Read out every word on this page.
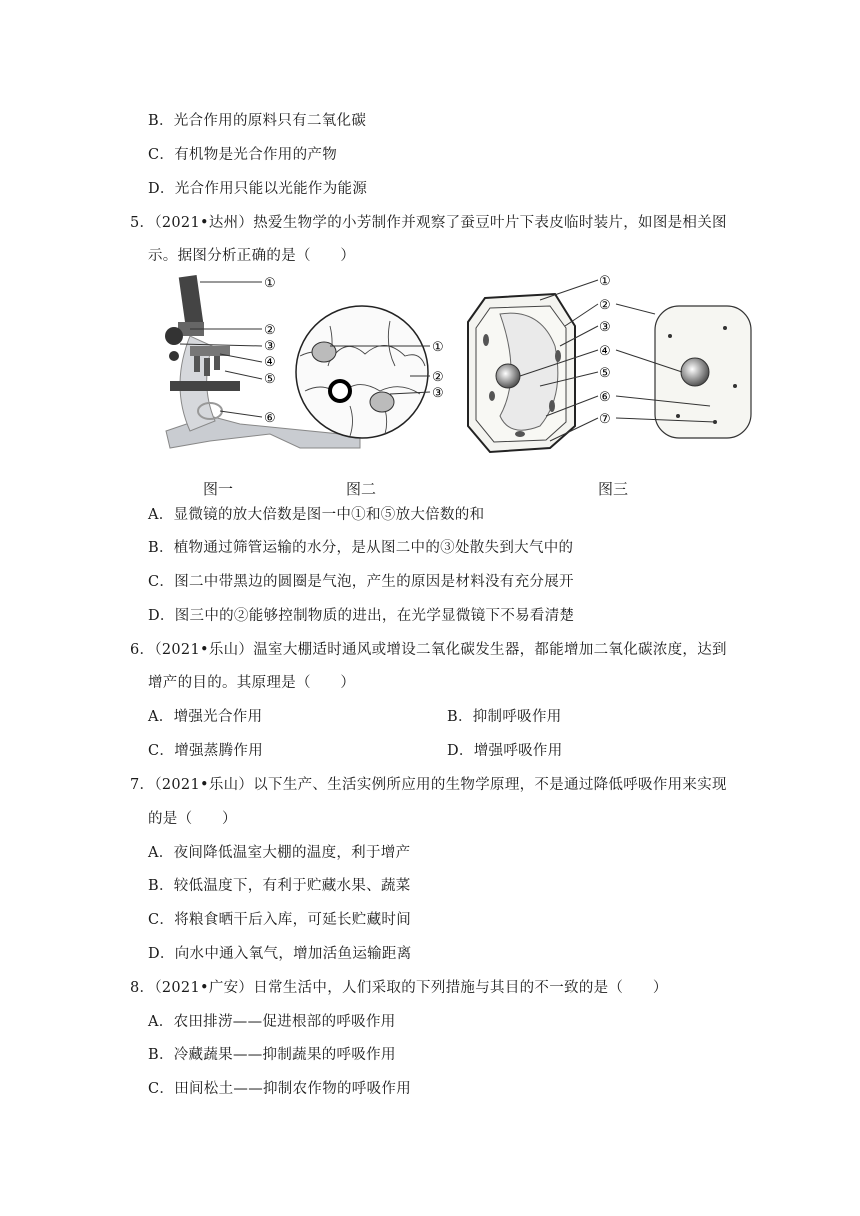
B．光合作用的原料只有二氧化碳
C．有机物是光合作用的产物
D．光合作用只能以光能作为能源
5．（2021•达州）热爱生物学的小芳制作并观察了蚕豆叶片下表皮临时装片，如图是相关图
示。据图分析正确的是（　　）
①
②
③
④
⑤
⑥
①
②
③
①
②
③
④
⑤
⑥
⑦
图一	图二	图三
A．显微镜的放大倍数是图一中①和⑤放大倍数的和
B．植物通过筛管运输的水分，是从图二中的③处散失到大气中的
C．图二中带黑边的圆圈是气泡，产生的原因是材料没有充分展开
D．图三中的②能够控制物质的进出，在光学显微镜下不易看清楚
6．（2021•乐山）温室大棚适时通风或增设二氧化碳发生器，都能增加二氧化碳浓度，达到
增产的目的。其原理是（　　）
A．增强光合作用	B．抑制呼吸作用
C．增强蒸腾作用	D．增强呼吸作用
7．（2021•乐山）以下生产、生活实例所应用的生物学原理，不是通过降低呼吸作用来实现
的是（　　）
A．夜间降低温室大棚的温度，利于增产
B．较低温度下，有利于贮藏水果、蔬菜
C．将粮食晒干后入库，可延长贮藏时间
D．向水中通入氧气，增加活鱼运输距离
8．（2021•广安）日常生活中，人们采取的下列措施与其目的不一致的是（　　）
A．农田排涝——促进根部的呼吸作用
B．冷藏蔬果——抑制蔬果的呼吸作用
C．田间松土——抑制农作物的呼吸作用
